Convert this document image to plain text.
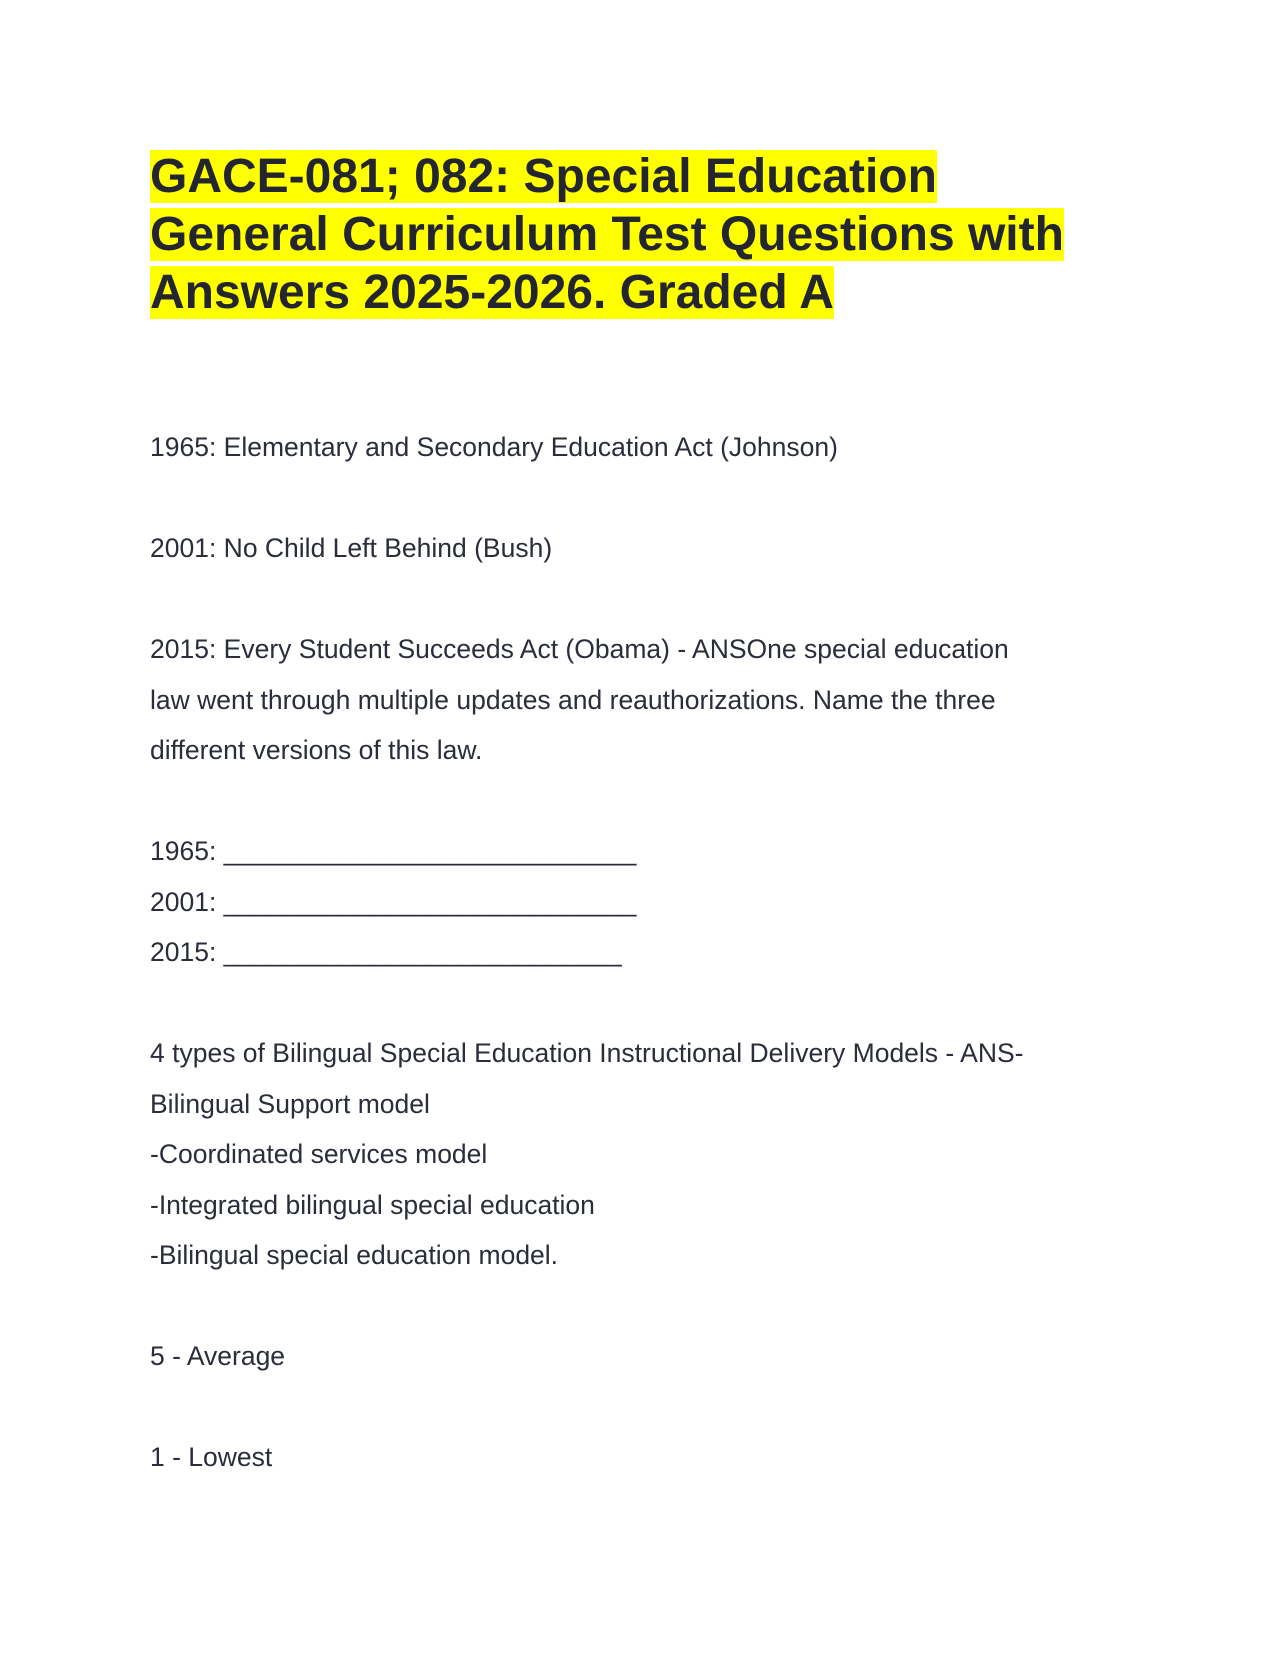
GACE-081; 082: Special Education
General Curriculum Test Questions with
Answers 2025-2026. Graded A

1965: Elementary and Secondary Education Act (Johnson)

2001: No Child Left Behind (Bush)

2015: Every Student Succeeds Act (Obama) - ANSOne special education

law went through multiple updates and reauthorizations. Name the three

different versions of this law.

1965: ____________________________

2001: ____________________________

2015: ___________________________

4 types of Bilingual Special Education Instructional Delivery Models - ANS-

Bilingual Support model

-Coordinated services model

-Integrated bilingual special education

-Bilingual special education model.

5 - Average

1 - Lowest
